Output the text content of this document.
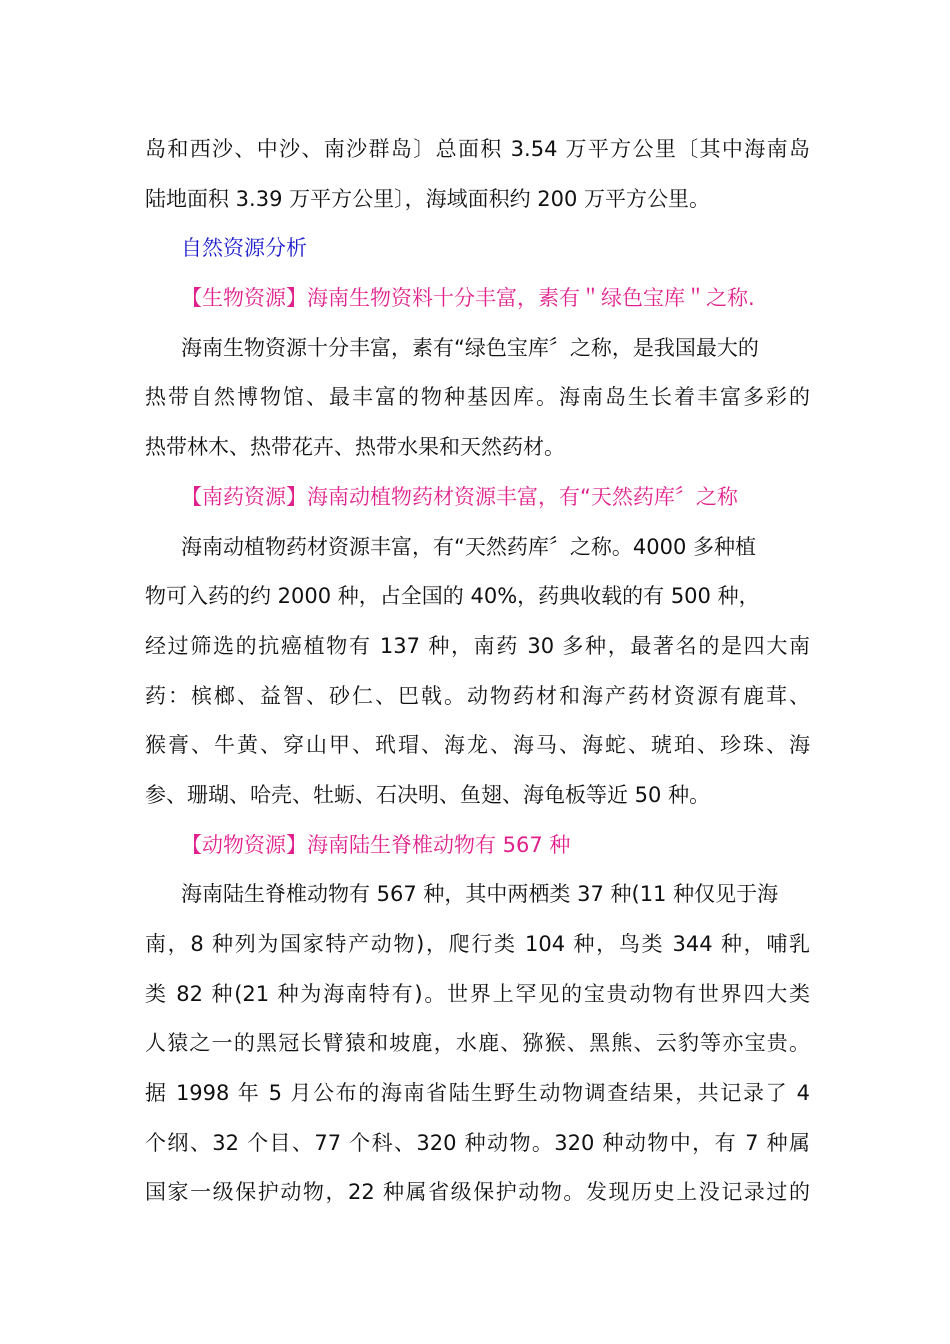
岛和西沙、中沙、南沙群岛〕总面积 3.54 万平方公里〔其中海南岛
陆地面积 3.39 万平方公里〕，海域面积约 200 万平方公里。
自然资源分析
【生物资源】海南生物资料十分丰富，素有＂绿色宝库＂之称.
海南生物资源十分丰富，素有“绿色宝库〞之称，是我国最大的
热带自然博物馆、最丰富的物种基因库。海南岛生长着丰富多彩的
热带林木、热带花卉、热带水果和天然药材。
【南药资源】海南动植物药材资源丰富，有“天然药库〞之称
海南动植物药材资源丰富，有“天然药库〞之称。4000 多种植
物可入药的约 2000 种，占全国的 40%，药典收载的有 500 种，
经过筛选的抗癌植物有 137 种，南药 30 多种，最著名的是四大南
药：槟榔、益智、砂仁、巴戟。动物药材和海产药材资源有鹿茸、
猴膏、牛黄、穿山甲、玳瑁、海龙、海马、海蛇、琥珀、珍珠、海
参、珊瑚、哈壳、牡蛎、石决明、鱼翅、海龟板等近 50 种。
【动物资源】海南陆生脊椎动物有 567 种
海南陆生脊椎动物有 567 种，其中两栖类 37 种(11 种仅见于海
南，8 种列为国家特产动物)，爬行类 104 种，鸟类 344 种，哺乳
类 82 种(21 种为海南特有)。世界上罕见的宝贵动物有世界四大类
人猿之一的黑冠长臂猿和坡鹿，水鹿、猕猴、黑熊、云豹等亦宝贵。
据 1998 年 5 月公布的海南省陆生野生动物调查结果，共记录了 4
个纲、32 个目、77 个科、320 种动物。320 种动物中，有 7 种属
国家一级保护动物，22 种属省级保护动物。发现历史上没记录过的
